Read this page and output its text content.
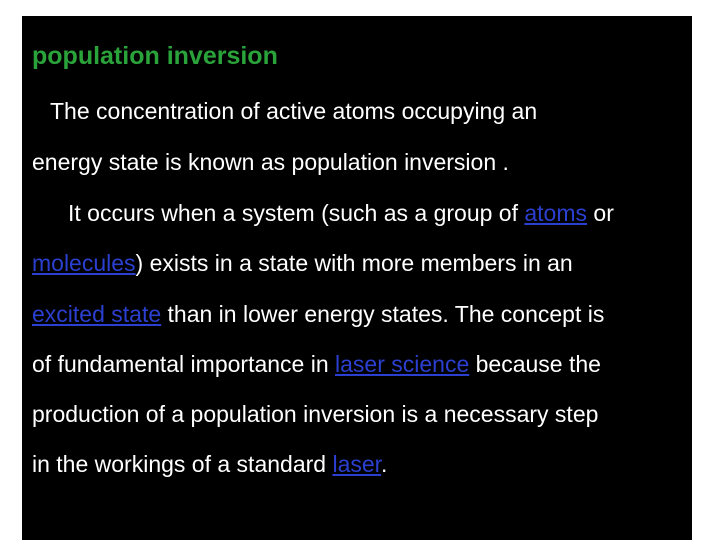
population inversion
The concentration of active atoms occupying an
energy state is known as population inversion .
It occurs when a system (such as a group of atoms or
molecules) exists in a state with more members in an
excited state than in lower energy states. The concept is
of fundamental importance in laser science because the
production of a population inversion is a necessary step
in the workings of a standard laser.
